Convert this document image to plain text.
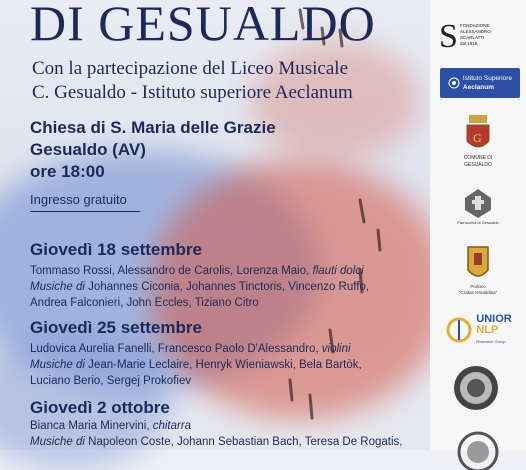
DI GESUALDO
Con la partecipazione del Liceo Musicale
C. Gesualdo - Istituto superiore Aeclanum
Chiesa di S. Maria delle Grazie
Gesualdo (AV)
ore 18:00
Ingresso gratuito
Giovedì 18 settembre
Tommaso Rossi, Alessandro de Carolis, Lorenza Maio, flauti dolci
Musiche di Johannes Ciconia, Johannes Tinctoris, Vincenzo Ruffo,
Andrea Falconieri, John Eccles, Tiziano Citro
Giovedì 25 settembre
Ludovica Aurelia Fanelli, Francesco Paolo D'Alessandro, violini
Musiche di Jean-Marie Leclaire, Henryk Wieniawski, Bela Bartòk,
Luciano Berio, Sergej Prokofiev
Giovedì 2 ottobre
Bianca Maria Minervini, chitarra
Musiche di Napoleon Coste, Johann Sebastian Bach, Teresa De Rogatis,
S FONDAZIONE
ALESSANDRO
SCARLATTI
dal 1918
Istituto Superiore
Aeclanum
G
COMUNE DI
GESUALDO
Parrocchia di Gesualdo
Proloco
"Civitas Iesualdina"
UNIOR
NLP
Research Group
